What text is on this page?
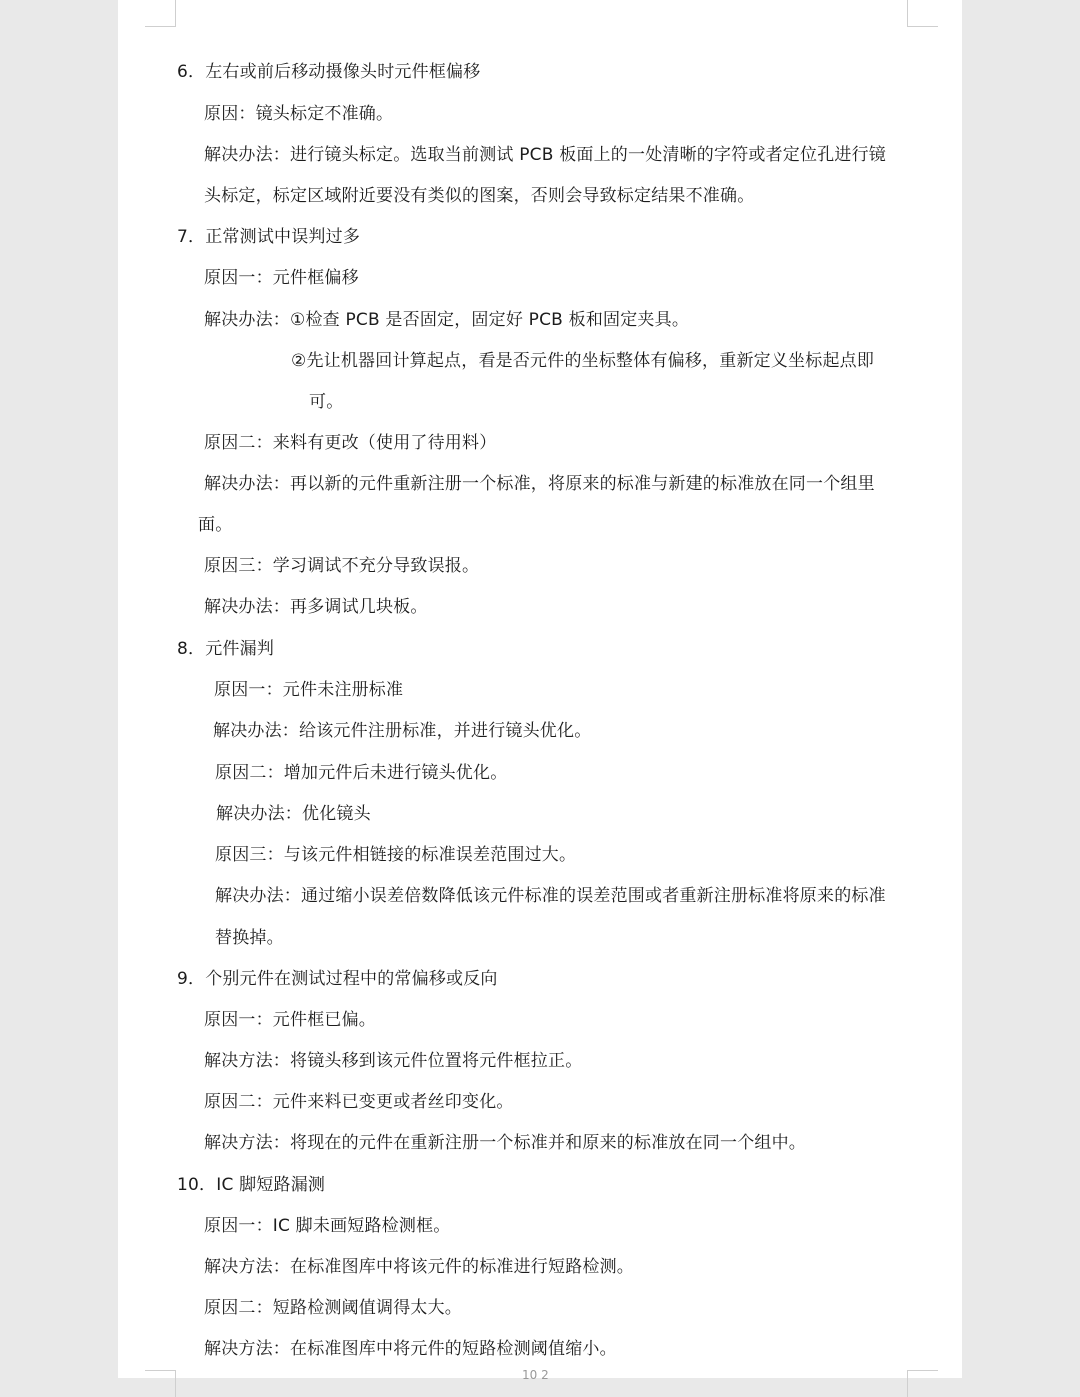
6．左右或前后移动摄像头时元件框偏移
原因：镜头标定不准确。
解决办法：进行镜头标定。选取当前测试 PCB 板面上的一处清晰的字符或者定位孔进行镜
头标定，标定区域附近要没有类似的图案，否则会导致标定结果不准确。
7．正常测试中误判过多
原因一：元件框偏移
解决办法：①检查 PCB 是否固定，固定好 PCB 板和固定夹具。
②先让机器回计算起点，看是否元件的坐标整体有偏移，重新定义坐标起点即
可。
原因二：来料有更改（使用了待用料）
解决办法：再以新的元件重新注册一个标准，将原来的标准与新建的标准放在同一个组里
面。
原因三：学习调试不充分导致误报。
解决办法：再多调试几块板。
8．元件漏判
原因一：元件未注册标准
解决办法：给该元件注册标准，并进行镜头优化。
原因二：增加元件后未进行镜头优化。
解决办法：优化镜头
原因三：与该元件相链接的标准误差范围过大。
解决办法：通过缩小误差倍数降低该元件标准的误差范围或者重新注册标准将原来的标准
替换掉。
9．个别元件在测试过程中的常偏移或反向
原因一：元件框已偏。
解决方法：将镜头移到该元件位置将元件框拉正。
原因二：元件来料已变更或者丝印变化。
解决方法：将现在的元件在重新注册一个标准并和原来的标准放在同一个组中。
10．IC 脚短路漏测
原因一：IC 脚未画短路检测框。
解决方法：在标准图库中将该元件的标准进行短路检测。
原因二：短路检测阈值调得太大。
解决方法：在标准图库中将元件的短路检测阈值缩小。
10 2
